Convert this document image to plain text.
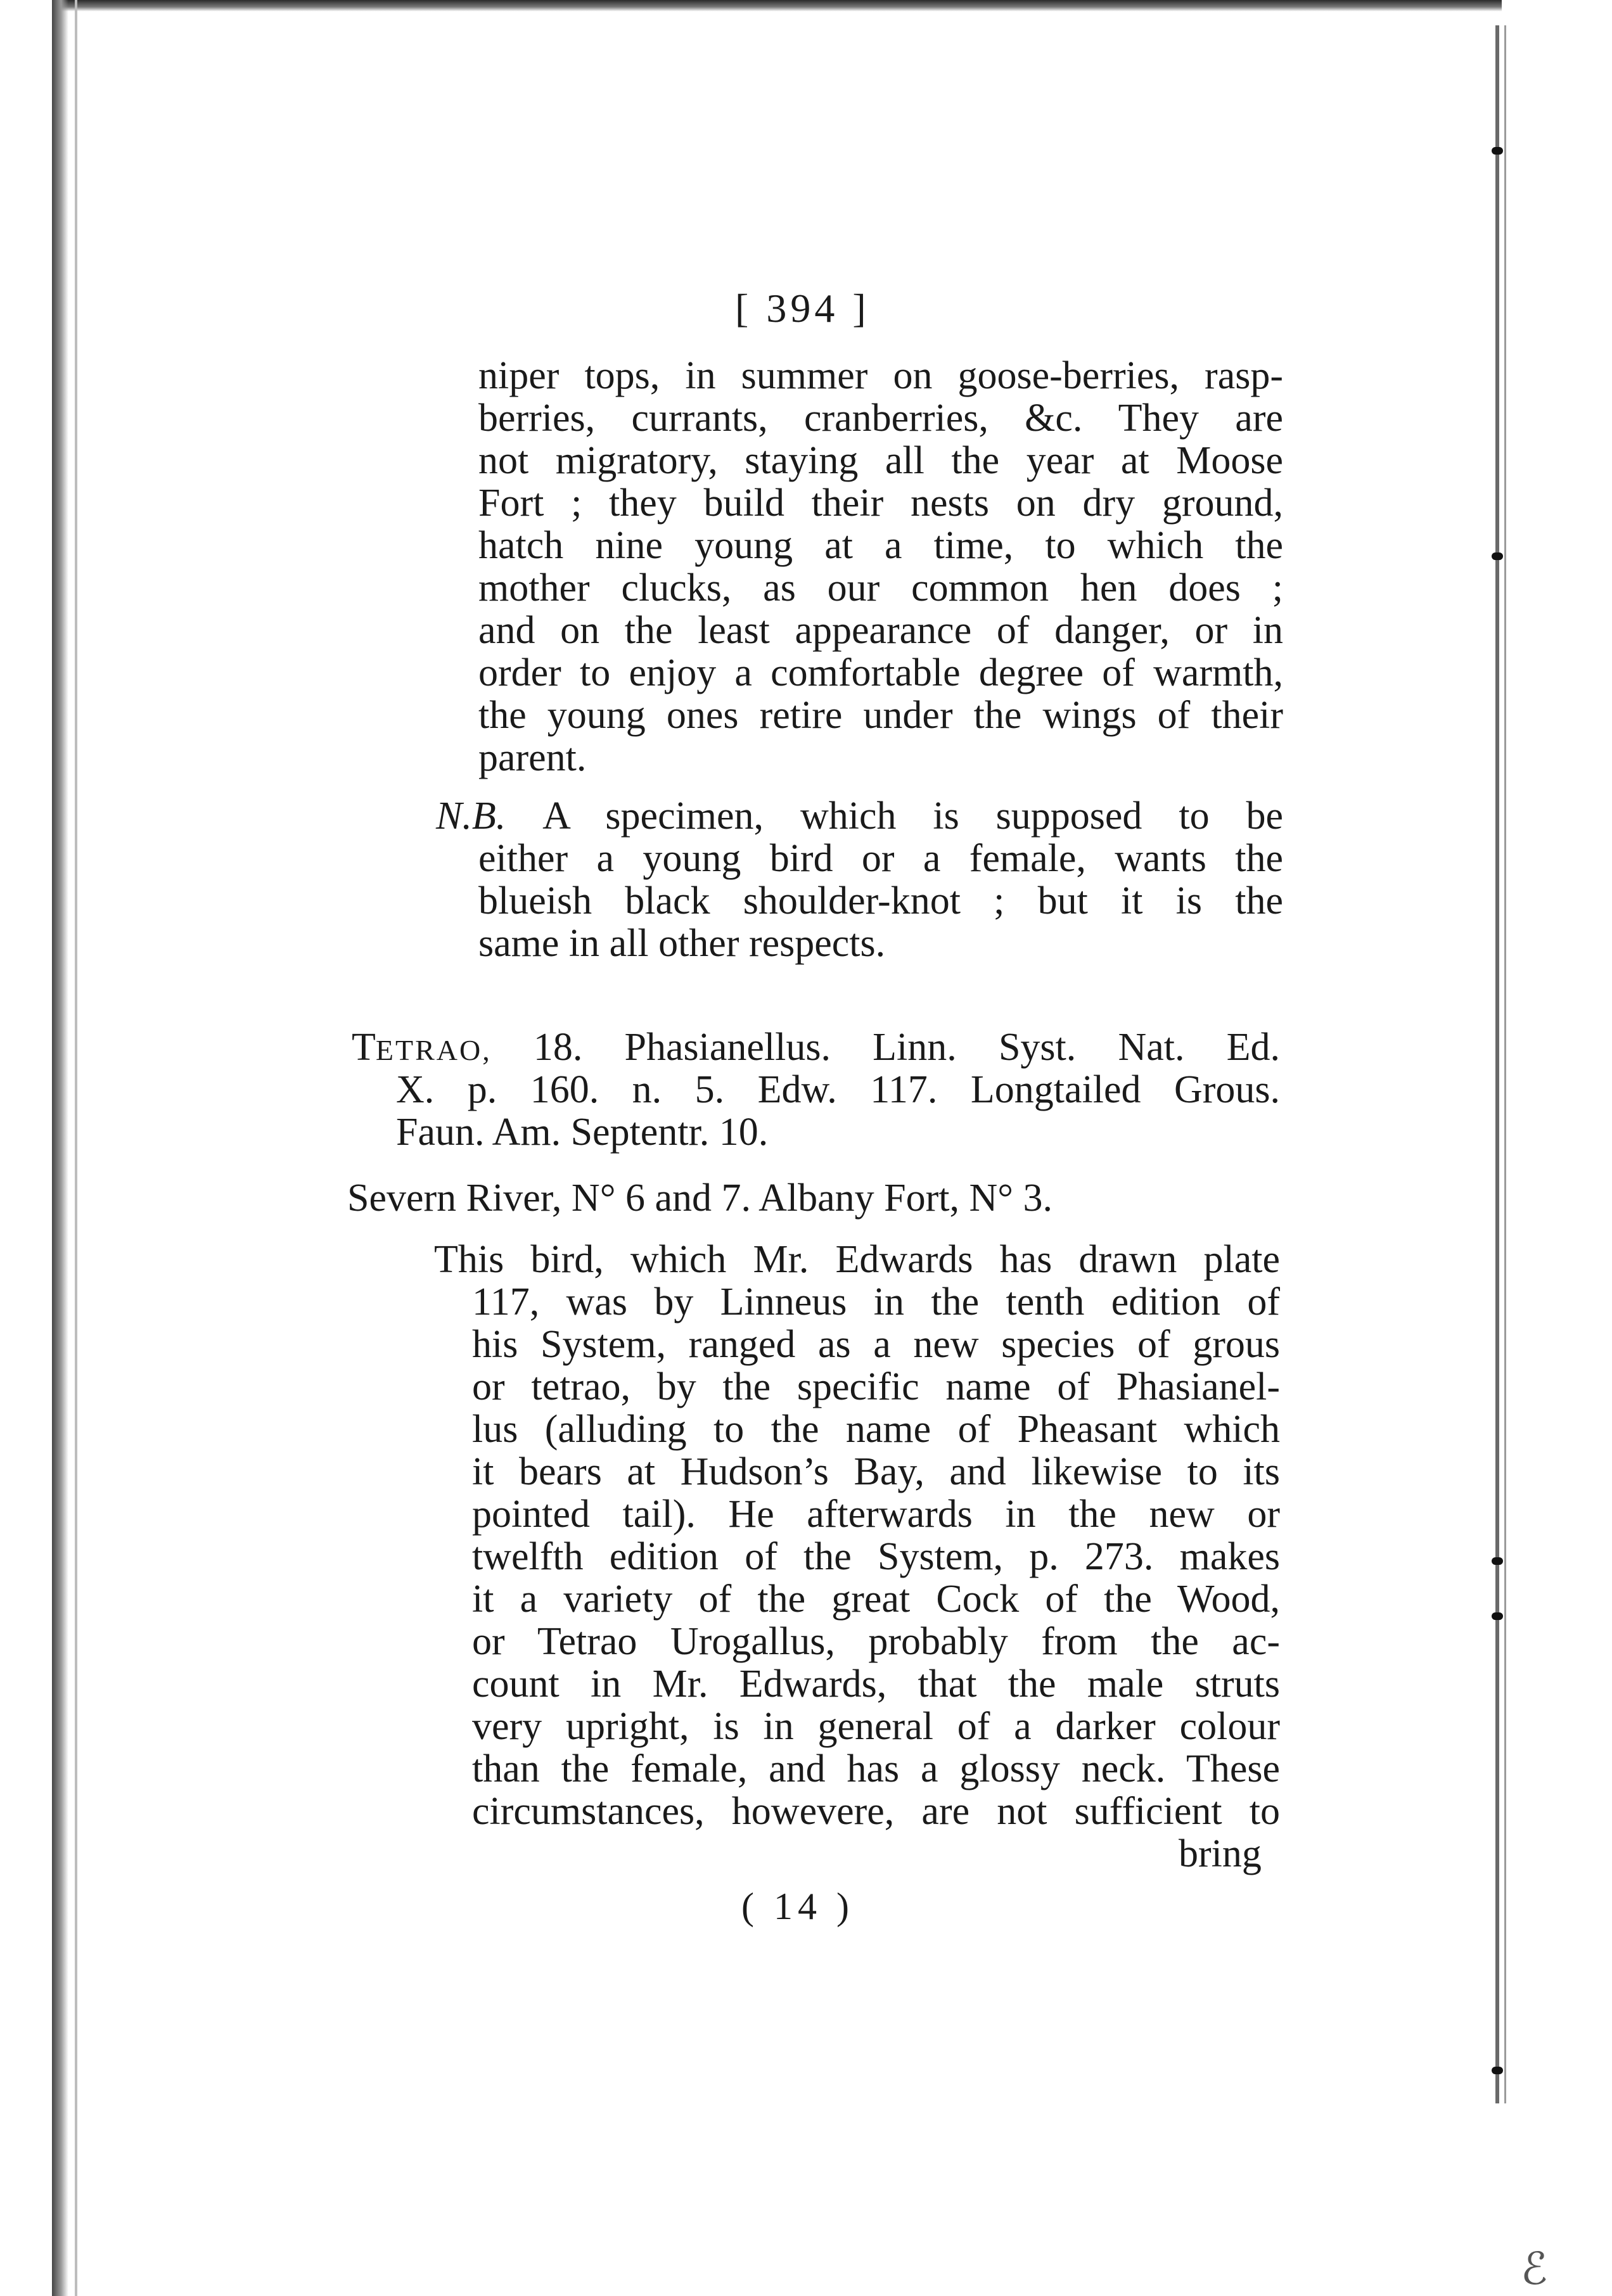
ℰ
[ 394 ]
niper tops, in summer on goose-berries, rasp-
berries, currants, cranberries, &c. They are
not migratory, staying all the year at Moose
Fort ; they build their nests on dry ground,
hatch nine young at a time, to which the
mother clucks, as our common hen does ;
and on the least appearance of danger, or in
order to enjoy a comfortable degree of warmth,
the young ones retire under the wings of their
parent.
N.B. A specimen, which is supposed to be
either a young bird or a female, wants the
blueish black shoulder-knot ; but it is the
same in all other respects.
TETRAO, 18. Phasianellus. Linn. Syst. Nat. Ed.
X. p. 160. n. 5. Edw. 117. Longtailed Grous.
Faun. Am. Septentr. 10.
Severn River, N° 6 and 7. Albany Fort, N° 3.
This bird, which Mr. Edwards has drawn plate
117, was by Linneus in the tenth edition of
his System, ranged as a new species of grous
or tetrao, by the specific name of Phasianel-
lus (alluding to the name of Pheasant which
it bears at Hudson’s Bay, and likewise to its
pointed tail). He afterwards in the new or
twelfth edition of the System, p. 273. makes
it a variety of the great Cock of the Wood,
or Tetrao Urogallus, probably from the ac-
count in Mr. Edwards, that the male struts
very upright, is in general of a darker colour
than the female, and has a glossy neck. These
circumstances, howevere, are not sufficient to
bring
( 14 )
